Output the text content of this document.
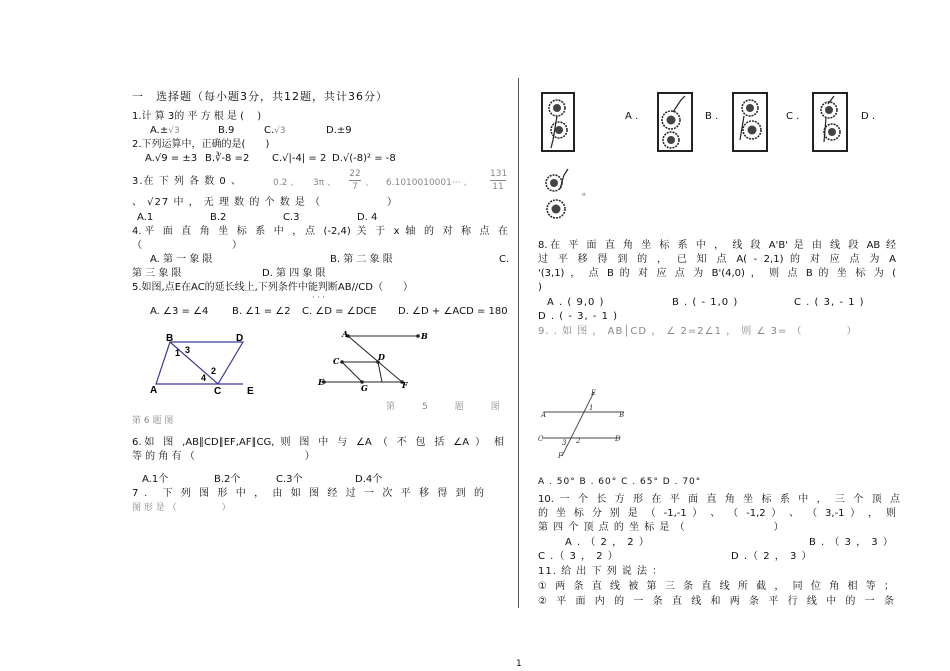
一　选择题（每小题3分，共12题，共计36分）
1.计 算 3的 平 方 根 是 (　 )
A.±√3	B.9	C.√3	D.±9
2.下列运算中，正确的是(　　)
A.√9 = ±3 B.∛-8 =2 C.√|-4| = 2 D.√(-8)² = -8
3.在 下 列 各 数 0 、	0.2 、 3π 、
22
7 、 6.1010010001··· 、
131
11
、 √27 中 ， 无 理 数 的 个 数 是 （　　　　　　）
A.1	B.2	C.3	D. 4
4.平 面 直 角 坐 标 系 中 ，点 (-2,4) 关 于 x 轴 的 对 称 点 在
（　　　　　　　　　）
A. 第 一 象 限	B. 第 二 象 限	C.
第 三 象 限	D. 第 四 象 限
5.如图,点E在AC的延长线上,下列条件中能判断AB//CD（　　）
· · ·
A. ∠3 = ∠4 B. ∠1 = ∠2 C. ∠D = ∠DCE D. ∠D + ∠ACD = 180
B	D
1 3
2
4
A	C	E
A	B
C	D
E
G	F
第　　　5　　　题　　　图
第 6 题 图
6.如 图 ,AB∥CD∥EF,AF∥CG, 则 图 中 与 ∠A （ 不 包 括 ∠A ） 相
等 的 角 有 （　　　　　　　　　　　）
A.1个	B.2个	C.3个	D.4个
7 .　下 列 图 形 中 ， 由 如 图 经 过 一 次 平 移 得 到 的
图 形 是 （　　　　　）
A .	B .	C .	D .
。
8.在 平 面 直 角 坐 标 系 中 ， 线 段 A'B' 是 由 线 段 AB 经
过 平 移 得 到 的 ， 已 知 点 A( - 2,1) 的 对 应 点 为 A
'(3,1) ， 点 B 的 对 应 点 为 B'(4,0) ， 则 点 B 的 坐 标 为 (
)
A . ( 9,0 )	B . ( - 1,0 )	C . ( 3, - 1 )
D . ( - 3, - 1 )
9. . 如 图 ， AB│CD ， ∠ 2=2∠1 ， 则 ∠ 3= （　　　　）
E
1
A	B
C	3 2	D
F
A . 50° B . 60° C . 65° D . 70°
10. 一 个 长 方 形 在 平 面 直 角 坐 标 系 中 ， 三 个 顶 点
的 坐 标 分 别 是 （ -1,-1 ） 、 （ -1,2 ） 、 （ 3,-1 ） ， 则
第 四 个 顶 点 的 坐 标 是 （　　　　　　　　）
A . （ 2 ， 2 ）	B . （ 3 ， 3 ）
C .（ 3 ， 2 ）	D .（ 2 ， 3 ）
11. 给 出 下 列 说 法 ：
① 两 条 直 线 被 第 三 条 直 线 所 截 ， 同 位 角 相 等 ；
② 平 面 内 的 一 条 直 线 和 两 条 平 行 线 中 的 一 条
1
